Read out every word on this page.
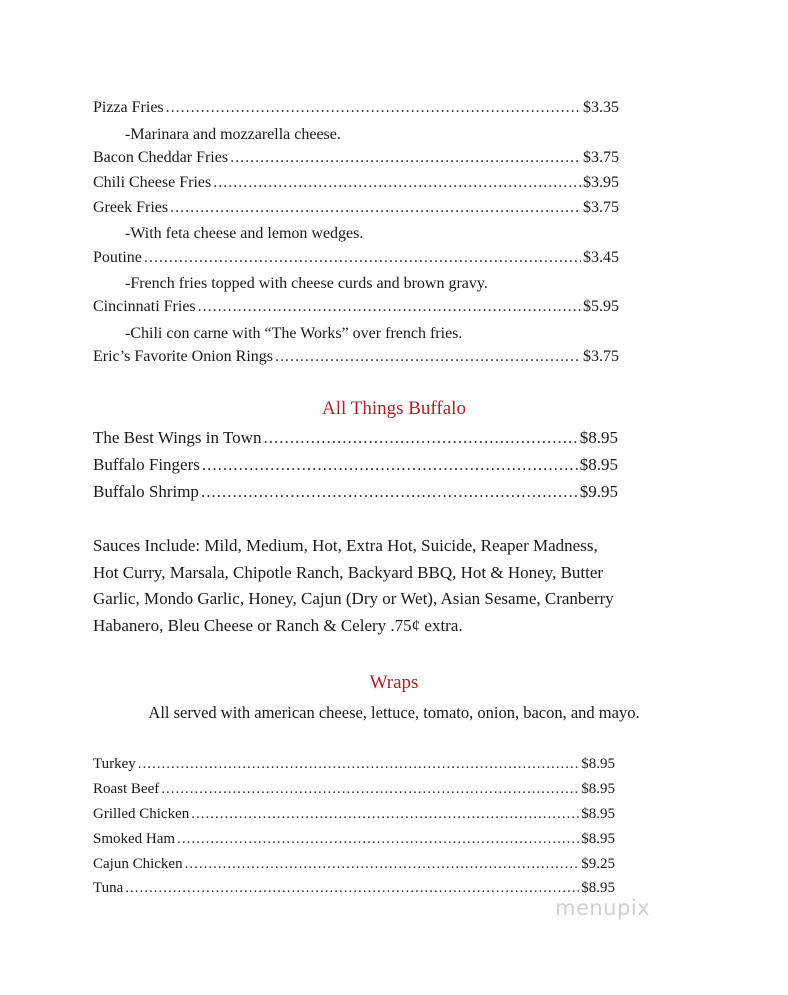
Pizza Fries .....	$3.35
-Marinara and mozzarella cheese.
Bacon Cheddar Fries .....	$3.75
Chili Cheese Fries .....	$3.95
Greek Fries .....	$3.75
-With feta cheese and lemon wedges.
Poutine .....	$3.45
-French fries topped with cheese curds and brown gravy.
Cincinnati Fries .....	$5.95
-Chili con carne with “The Works” over french fries.
Eric’s Favorite Onion Rings .....	$3.75
All Things Buffalo
The Best Wings in Town .....	$8.95
Buffalo Fingers .....	$8.95
Buffalo Shrimp .....	$9.95
Sauces Include: Mild, Medium, Hot, Extra Hot, Suicide, Reaper Madness,
Hot Curry, Marsala, Chipotle Ranch, Backyard BBQ, Hot & Honey, Butter
Garlic, Mondo Garlic, Honey, Cajun (Dry or Wet), Asian Sesame, Cranberry
Habanero, Bleu Cheese or Ranch & Celery .75¢ extra.
Wraps
All served with american cheese, lettuce, tomato, onion, bacon, and mayo.
Turkey .....	$8.95
Roast Beef .....	$8.95
Grilled Chicken .....	$8.95
Smoked Ham .....	$8.95
Cajun Chicken .....	$9.25
Tuna .....	$8.95
menupix
